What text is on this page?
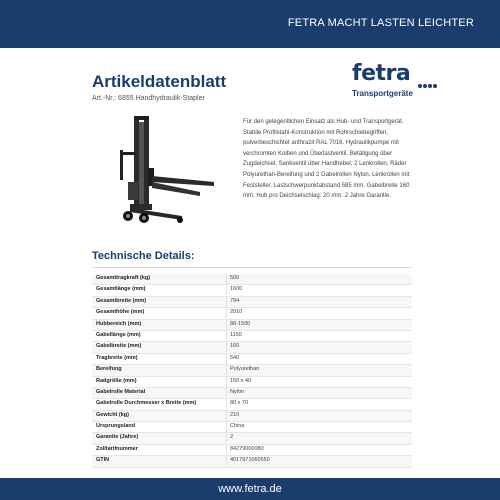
FETRA MACHT LASTEN LEICHTER
Artikeldatenblatt
Art.-Nr.: 6855 Handhydraulik-Stapler
fetra
Transportgeräte
Für den gelegentlichen Einsatz als Hub- und Transportgerät. Stabile Profilstahl-Konstruktion mit Rohrschiebegriffen, pulverbeschichtet anthrazit RAL 7016. Hydraulikpumpe mit verchromten Kolben und Überlastventil. Betätigung über Zugdeichsel. Senkventil über Handhebel. 2 Lenkrollen, Räder Polyurethan-Bereifung und 2 Gabelrollen Nylon. Lenkrollen mit Feststeller. Lastschwerpunktabstand 585 mm. Gabelbreite 160 mm. Hub pro Deichselschlag: 20 mm. 2 Jahre Garantie.
Technische Details:
Gesamttragkraft (kg)	500
Gesamtlänge (mm)	1600
Gesamtbreite (mm)	794
Gesamthöhe (mm)	2010
Hubbereich (mm)	88-1500
Gabellänge (mm)	1150
Gabelbreite (mm)	160
Tragbreite (mm)	540
Bereifung	Polyurethan
Radgröße (mm)	150 x 40
Gabelrolle Material	Nylon
Gabelrolle Durchmesser x Breite (mm)	80 x 70
Gewicht (kg)	210
Ursprungsland	China
Garantie (Jahre)	2
Zolltarifnummer	84279000080
GTIN	4017971060550
www.fetra.de
